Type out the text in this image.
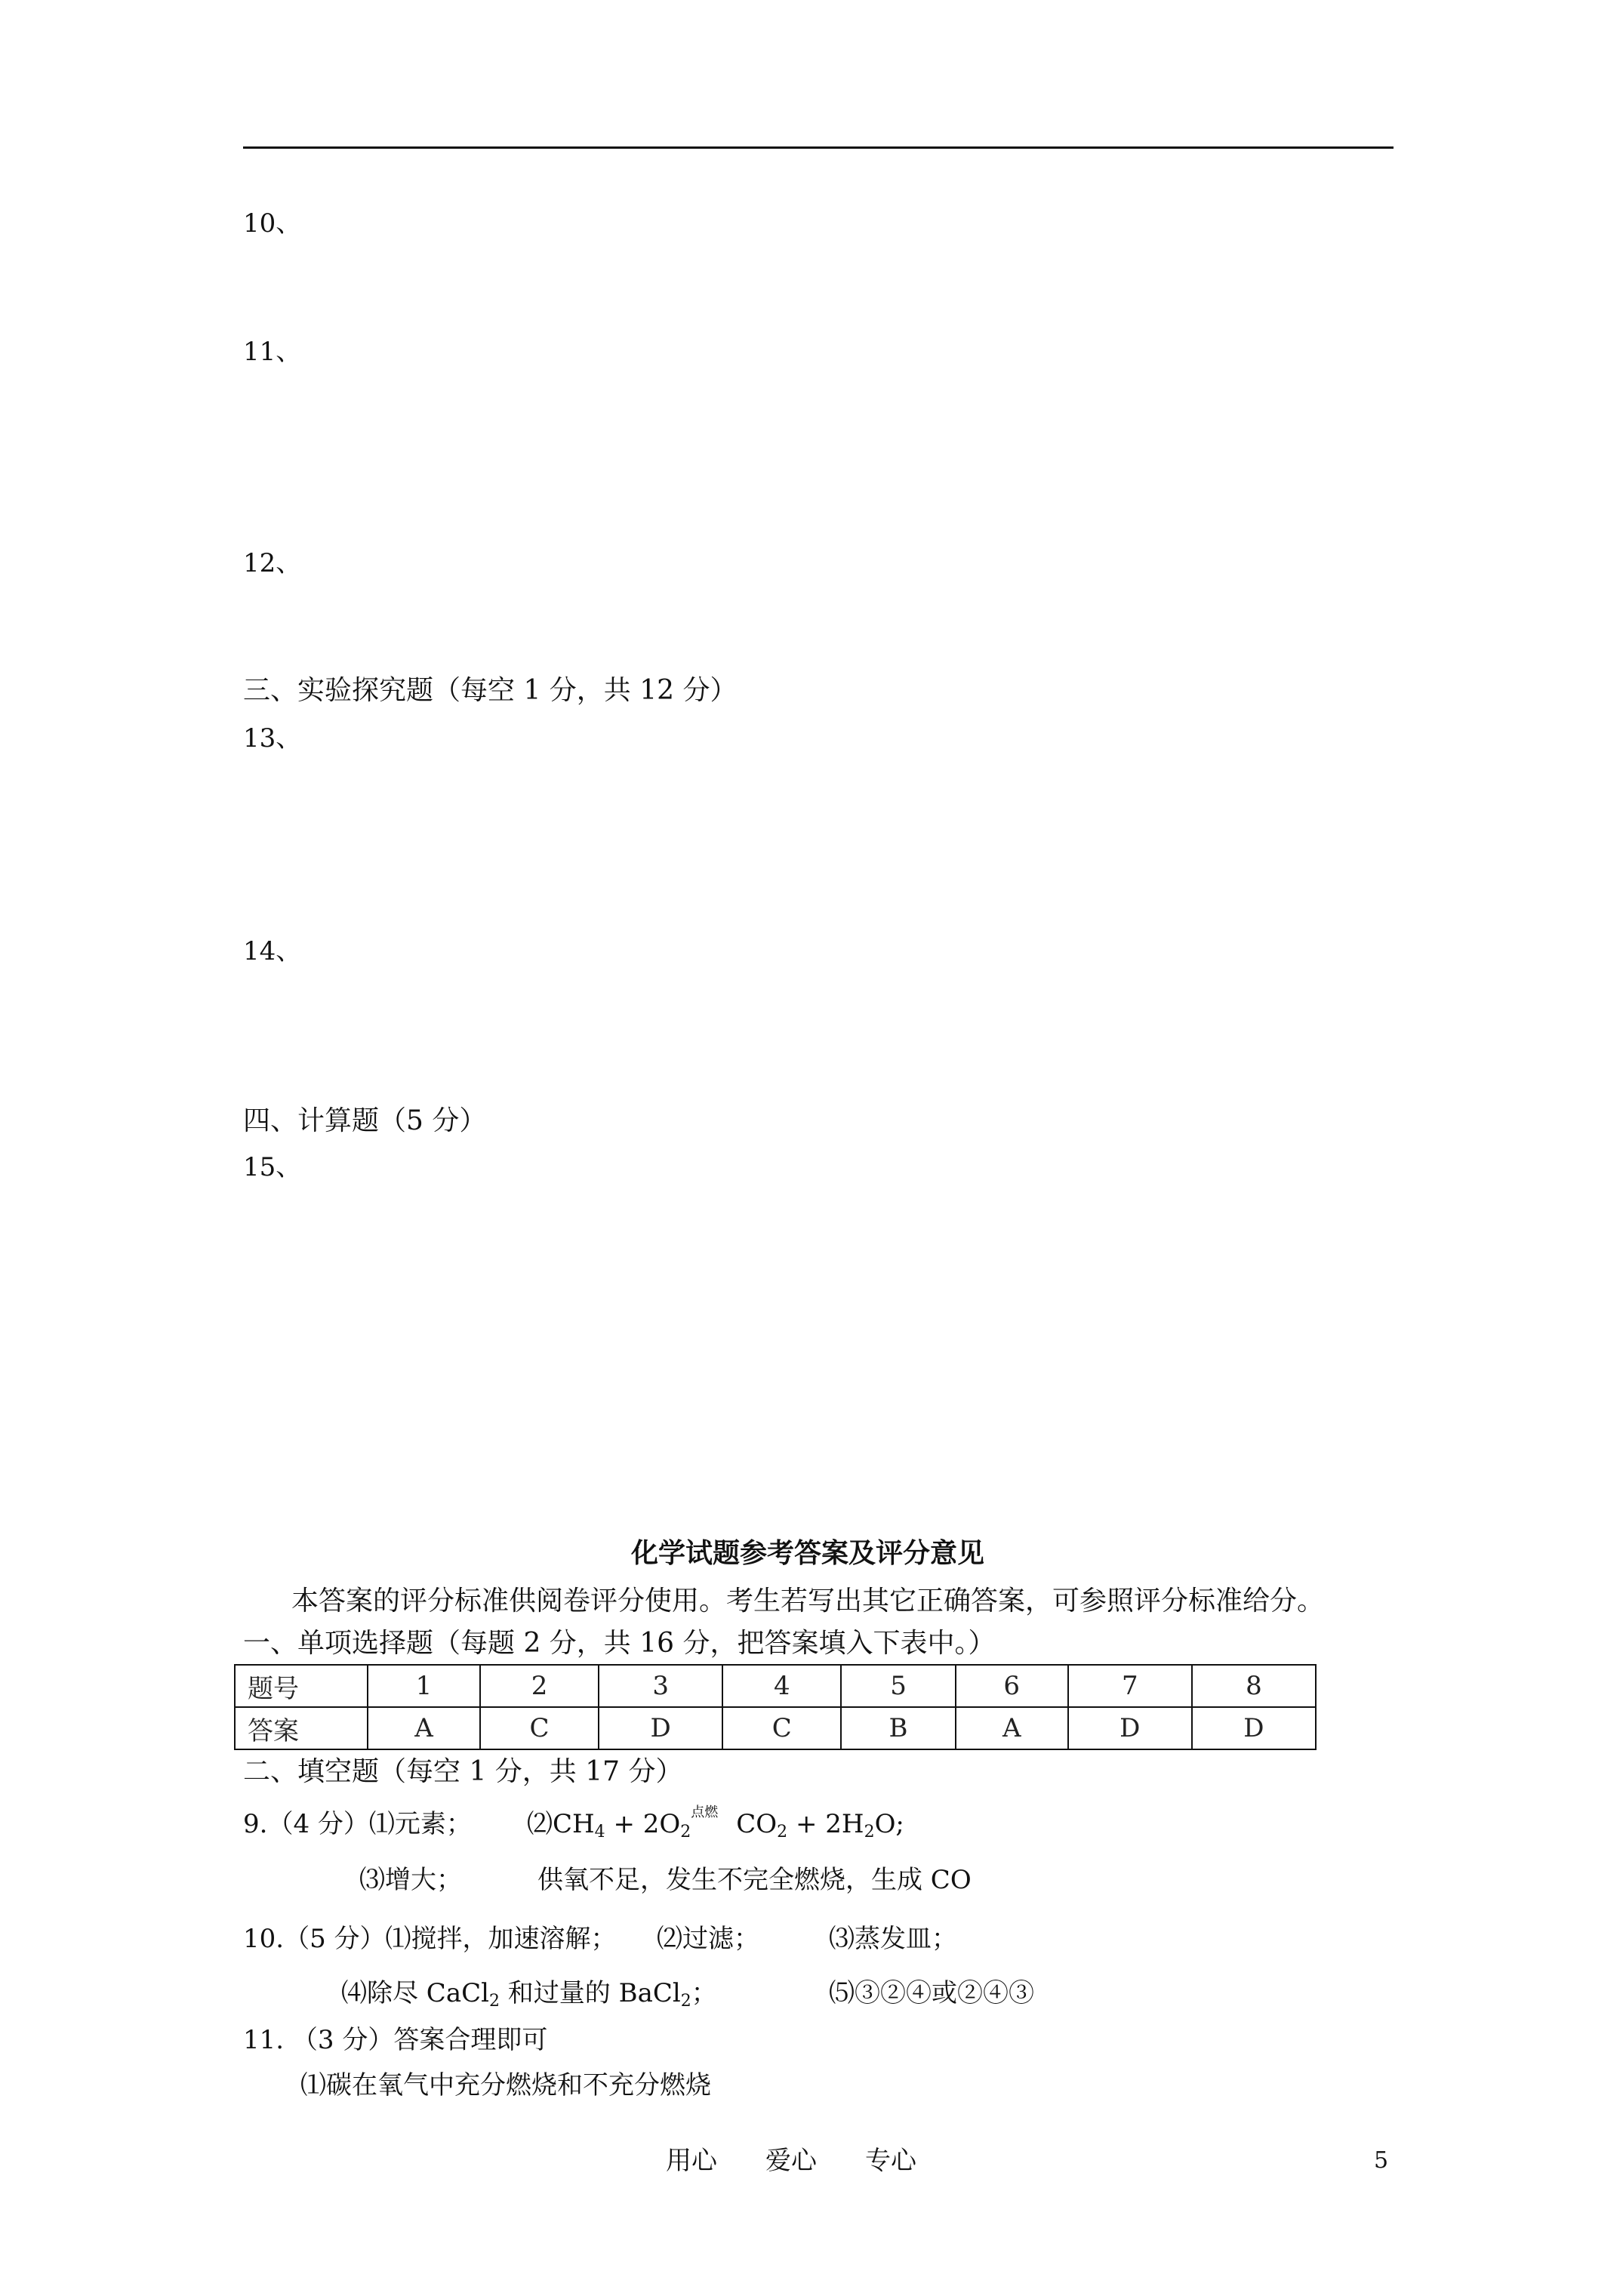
10、
11、
12、
三、实验探究题（每空 1 分，共 12 分）
13、
14、
四、计算题（5 分）
15、
化学试题参考答案及评分意见
本答案的评分标准供阅卷评分使用。考生若写出其它正确答案，可参照评分标准给分。
一、单项选择题（每题 2 分，共 16 分，把答案填入下表中。）
题号	1	2	3	4	5	6	7	8
答案	A	C	D	C	B	A	D	D
二、填空题（每空 1 分，共 17 分）
9.（4 分）⑴元素； $⑵CH_4 + 2O_2$
点燃 $CO_2 + 2H_2O$;
⑶增大；	供氧不足，发生不完全燃烧，生成 CO
10.（5 分）⑴搅拌，加速溶解； ⑵过滤；	⑶蒸发皿；
⑷除尽 CaCl$_2$ 和过量的 BaCl$_2$；	⑸③②④或②④③
11. （3 分）答案合理即可
⑴碳在氧气中充分燃烧和不充分燃烧
用心 爱心 专心	5
